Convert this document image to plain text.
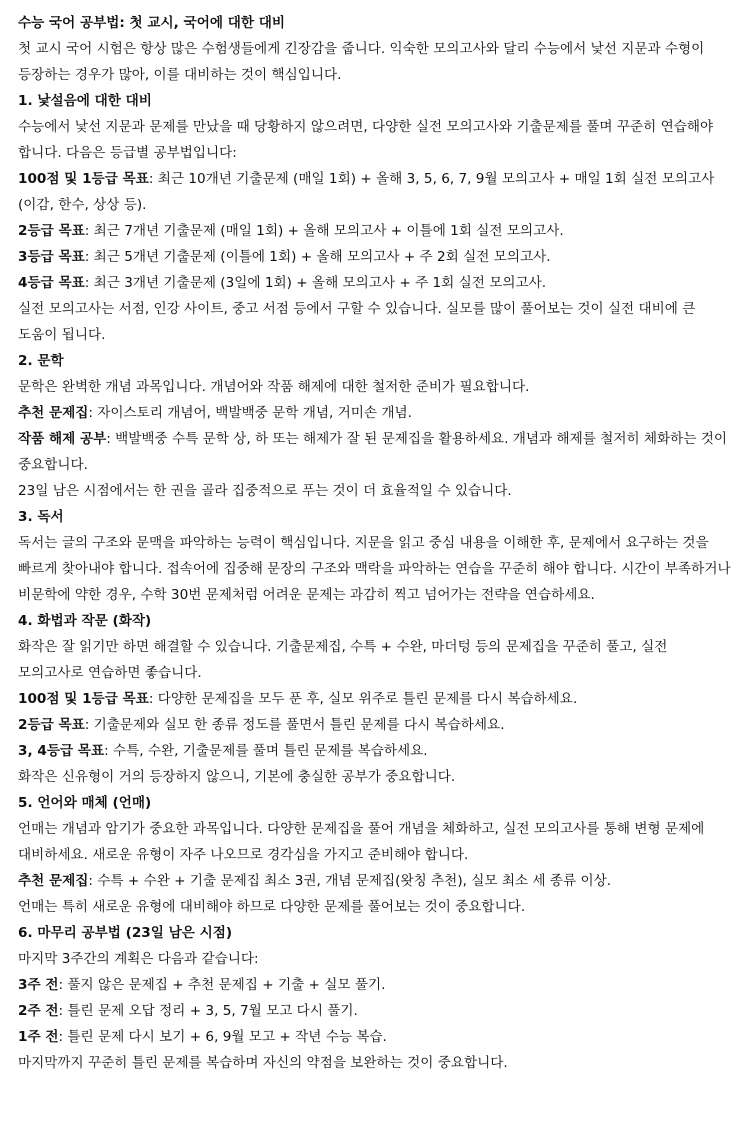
수능 국어 공부법: 첫 교시, 국어에 대한 대비

첫 교시 국어 시험은 항상 많은 수험생들에게 긴장감을 줍니다. 익숙한 모의고사와 달리 수능에서 낯선 지문과 수형이 등장하는 경우가 많아, 이를 대비하는 것이 핵심입니다.

1. 낯설음에 대한 대비

수능에서 낯선 지문과 문제를 만났을 때 당황하지 않으려면, 다양한 실전 모의고사와 기출문제를 풀며 꾸준히 연습해야 합니다. 다음은 등급별 공부법입니다:

100점 및 1등급 목표: 최근 10개년 기출문제 (매일 1회) + 올해 3, 5, 6, 7, 9월 모의고사 + 매일 1회 실전 모의고사(이감, 한수, 상상 등).

2등급 목표: 최근 7개년 기출문제 (매일 1회) + 올해 모의고사 + 이틀에 1회 실전 모의고사.

3등급 목표: 최근 5개년 기출문제 (이틀에 1회) + 올해 모의고사 + 주 2회 실전 모의고사.

4등급 목표: 최근 3개년 기출문제 (3일에 1회) + 올해 모의고사 + 주 1회 실전 모의고사.

실전 모의고사는 서점, 인강 사이트, 중고 서점 등에서 구할 수 있습니다. 실모를 많이 풀어보는 것이 실전 대비에 큰 도움이 됩니다.

2. 문학

문학은 완벽한 개념 과목입니다. 개념어와 작품 해제에 대한 철저한 준비가 필요합니다.

추천 문제집: 자이스토리 개념어, 백발백중 문학 개념, 거미손 개념.

작품 해제 공부: 백발백중 수특 문학 상, 하 또는 해제가 잘 된 문제집을 활용하세요. 개념과 해제를 철저히 체화하는 것이 중요합니다.

23일 남은 시점에서는 한 권을 골라 집중적으로 푸는 것이 더 효율적일 수 있습니다.

3. 독서

독서는 글의 구조와 문맥을 파악하는 능력이 핵심입니다. 지문을 읽고 중심 내용을 이해한 후, 문제에서 요구하는 것을 빠르게 찾아내야 합니다. 접속어에 집중해 문장의 구조와 맥락을 파악하는 연습을 꾸준히 해야 합니다. 시간이 부족하거나 비문학에 약한 경우, 수학 30번 문제처럼 어려운 문제는 과감히 찍고 넘어가는 전략을 연습하세요.

4. 화법과 작문 (화작)

화작은 잘 읽기만 하면 해결할 수 있습니다. 기출문제집, 수특 + 수완, 마더텅 등의 문제집을 꾸준히 풀고, 실전 모의고사로 연습하면 좋습니다.

100점 및 1등급 목표: 다양한 문제집을 모두 푼 후, 실모 위주로 틀린 문제를 다시 복습하세요.

2등급 목표: 기출문제와 실모 한 종류 정도를 풀면서 틀린 문제를 다시 복습하세요.

3, 4등급 목표: 수특, 수완, 기출문제를 풀며 틀린 문제를 복습하세요.

화작은 신유형이 거의 등장하지 않으니, 기본에 충실한 공부가 중요합니다.

5. 언어와 매체 (언매)

언매는 개념과 암기가 중요한 과목입니다. 다양한 문제집을 풀어 개념을 체화하고, 실전 모의고사를 통해 변형 문제에 대비하세요. 새로운 유형이 자주 나오므로 경각심을 가지고 준비해야 합니다.

추천 문제집: 수특 + 수완 + 기출 문제집 최소 3권, 개념 문제집(왓칭 추천), 실모 최소 세 종류 이상.

언매는 특히 새로운 유형에 대비해야 하므로 다양한 문제를 풀어보는 것이 중요합니다.

6. 마무리 공부법 (23일 남은 시점)

마지막 3주간의 계획은 다음과 같습니다:

3주 전: 풀지 않은 문제집 + 추천 문제집 + 기출 + 실모 풀기.

2주 전: 틀린 문제 오답 정리 + 3, 5, 7월 모고 다시 풀기.

1주 전: 틀린 문제 다시 보기 + 6, 9월 모고 + 작년 수능 복습.

마지막까지 꾸준히 틀린 문제를 복습하며 자신의 약점을 보완하는 것이 중요합니다.
